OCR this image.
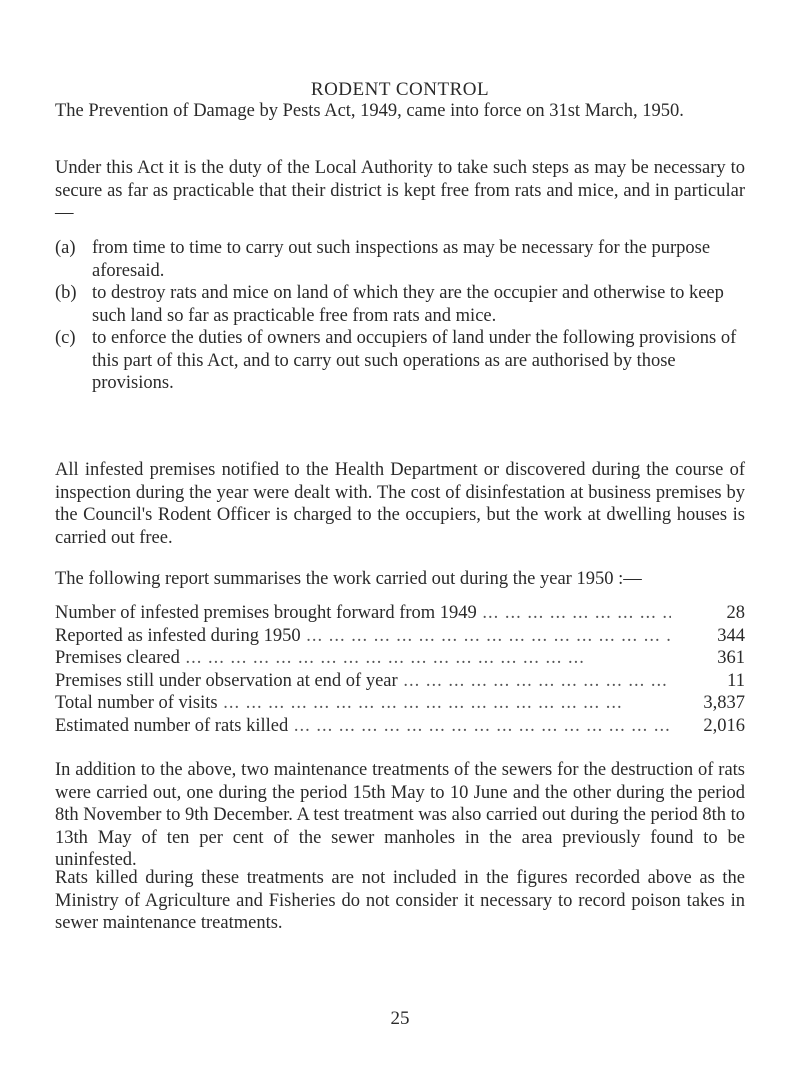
RODENT CONTROL

The Prevention of Damage by Pests Act, 1949, came into force on 31st March, 1950.

Under this Act it is the duty of the Local Authority to take such steps as may be necessary to secure as far as practicable that their district is kept free from rats and mice, and in particular—

(a) from time to time to carry out such inspections as may be necessary for the purpose aforesaid.
(b) to destroy rats and mice on land of which they are the occupier and otherwise to keep such land so far as practicable free from rats and mice.
(c) to enforce the duties of owners and occupiers of land under the following provisions of this part of this Act, and to carry out such operations as are authorised by those provisions.

All infested premises notified to the Health Department or discovered during the course of inspection during the year were dealt with. The cost of disinfestation at business premises by the Council's Rodent Officer is charged to the occupiers, but the work at dwelling houses is carried out free.

The following report summarises the work carried out during the year 1950 :—

Number of infested premises brought forward from 1949 ... .	28
Reported as infested during 1950 ... .	344
Premises cleared ... .	361
Premises still under observation at end of year ... .	11
Total number of visits ... .	3,837
Estimated number of rats killed ... .	2,016

In addition to the above, two maintenance treatments of the sewers for the destruction of rats were carried out, one during the period 15th May to 10 June and the other during the period 8th November to 9th December. A test treatment was also carried out during the period 8th to 13th May of ten per cent of the sewer manholes in the area previously found to be uninfested.

Rats killed during these treatments are not included in the figures recorded above as the Ministry of Agriculture and Fisheries do not consider it necessary to record poison takes in sewer maintenance treatments.

25
